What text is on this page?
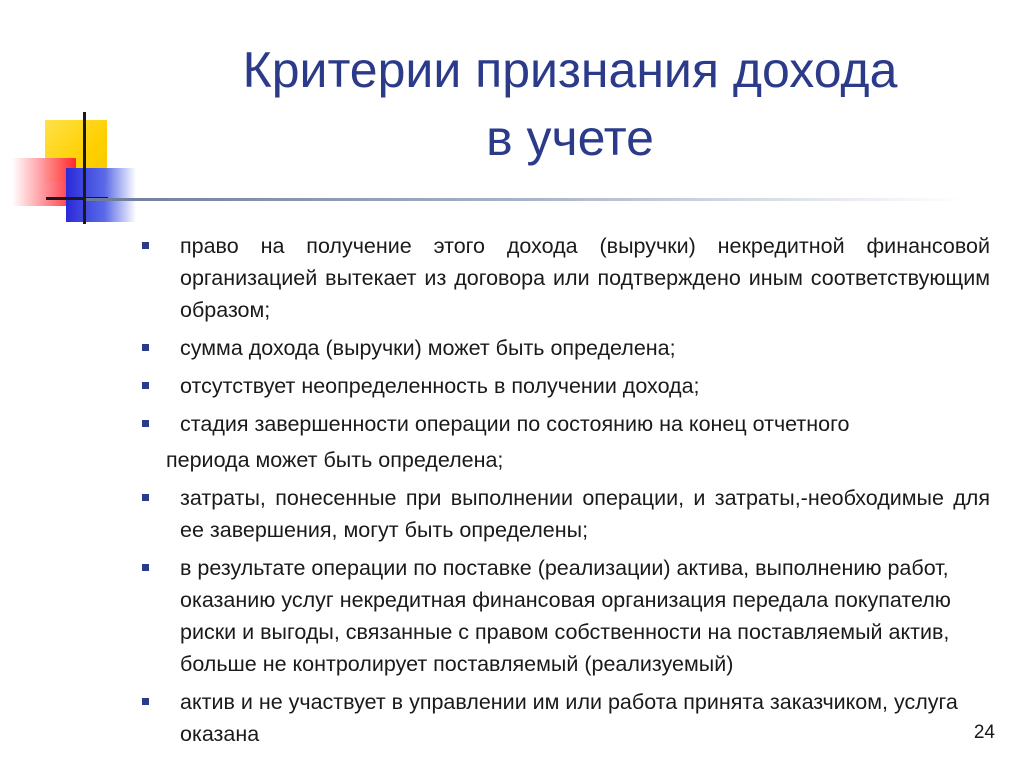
Критерии признания дохода
в учете
право на получение этого дохода (выручки) некредитной финансовой организацией вытекает из договора или подтверждено иным соответствующим образом;
сумма дохода (выручки) может быть определена;
отсутствует неопределенность в получении дохода;
стадия завершенности операции по состоянию на конец отчетного
периода может быть определена;
затраты, понесенные при выполнении операции, и затраты,-необходимые для ее завершения, могут быть определены;
в результате операции по поставке (реализации) актива, выполнению работ, оказанию услуг некредитная финансовая организация передала покупателю риски и выгоды, связанные с правом собственности на поставляемый актив, больше не контролирует поставляемый (реализуемый)
актив и не участвует в управлении им или работа принята заказчиком, услуга оказана	24
